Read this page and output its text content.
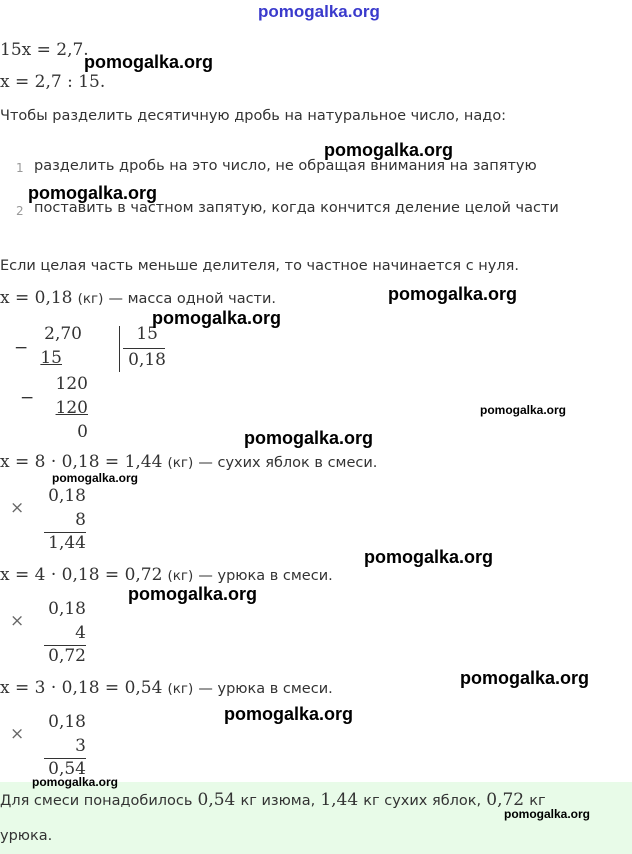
pomogalka.org
15x = 2,7.
x = 2,7 : 15.
Чтобы разделить десятичную дробь на натуральное число, надо:
1 разделить дробь на это число, не обращая внимания на запятую
2 поставить в частном запятую, когда кончится деление целой части
Если целая часть меньше делителя, то частное начинается с нуля.
x = 0,18 (кг) — масса одной части.
−
2,70
15
15
0,18
−
120
120
0
x = 8 · 0,18 = 1,44 (кг) — сухих яблок в смеси.
×
0,18
8
1,44
x = 4 · 0,18 = 0,72 (кг) — урюка в смеси.
×
0,18
4
0,72
x = 3 · 0,18 = 0,54 (кг) — урюка в смеси.
×
0,18
3
0,54
Для смеси понадобилось 0,54 кг изюма, 1,44 кг сухих яблок, 0,72 кг
урюка.
pomogalka.org
pomogalka.org
pomogalka.org
pomogalka.org
pomogalka.org
pomogalka.org
pomogalka.org
pomogalka.org
pomogalka.org
pomogalka.org
pomogalka.org
pomogalka.org
pomogalka.org
pomogalka.org
